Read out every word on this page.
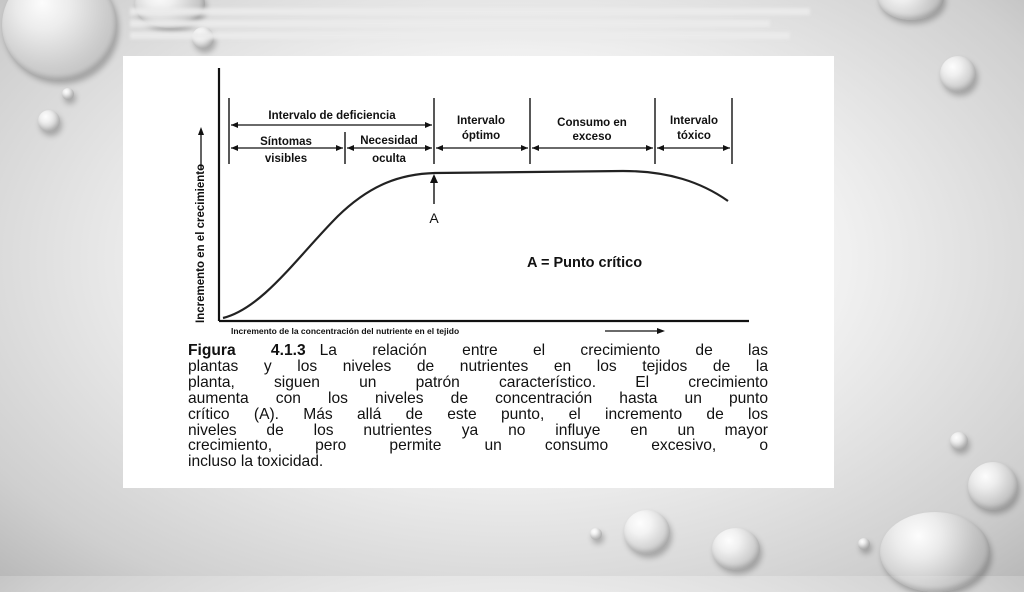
Incremento en el crecimiento
Incremento de la concentración del nutriente en el tejido
Intervalo de deficiencia
Síntomas
visibles
Necesidad
oculta
Intervalo
óptimo
Consumo en
exceso
Intervalo
tóxico
A
A = Punto crítico
Figura 4.1.3 La relación entre el crecimiento de las
plantas y los niveles de nutrientes en los tejidos de la
planta, siguen un patrón característico. El crecimiento
aumenta con los niveles de concentración hasta un punto
crítico (A). Más allá de este punto, el incremento de los
niveles de los nutrientes ya no influye en un mayor
crecimiento, pero permite un consumo excesivo, o
incluso la toxicidad.
